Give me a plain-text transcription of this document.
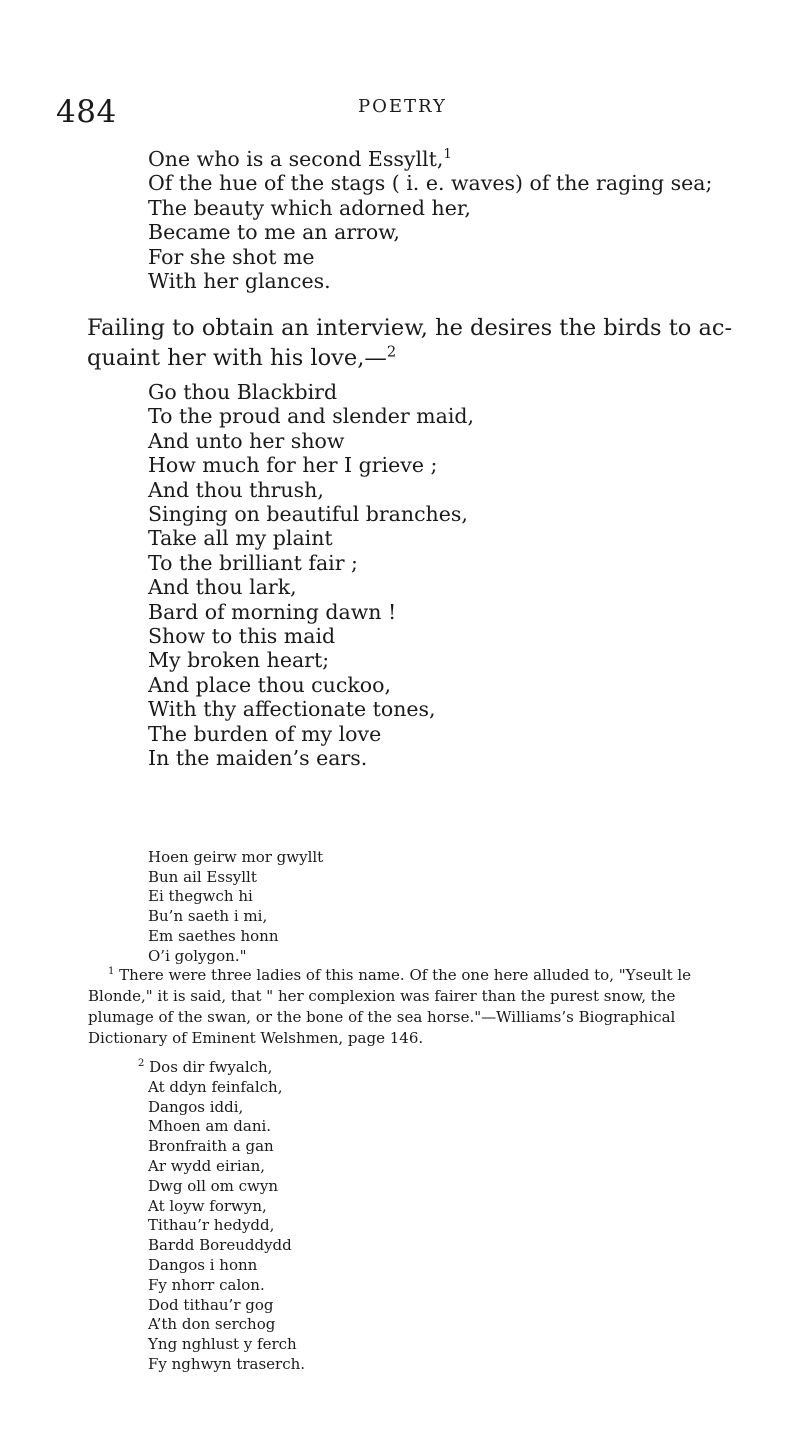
484	POETRY
One who is a second Essyllt,$^1$
Of the hue of the stags ( i. e. waves) of the raging sea;
The beauty which adorned her,
Became to me an arrow,
For she shot me
With her glances.
Failing to obtain an interview, he desires the birds to ac-
quaint her with his love,—$^2$
Go thou Blackbird
To the proud and slender maid,
And unto her show
How much for her I grieve ;
And thou thrush,
Singing on beautiful branches,
Take all my plaint
To the brilliant fair ;
And thou lark,
Bard of morning dawn !
Show to this maid
My broken heart;
And place thou cuckoo,
With thy affectionate tones,
The burden of my love
In the maiden’s ears.
Hoen geirw mor gwyllt
Bun ail Essyllt
Ei thegwch hi
Bu’n saeth i mi,
Em saethes honn
O’i golygon."
$^1$ There were three ladies of this name. Of the one here alluded to, "Yseult le
Blonde," it is said, that " her complexion was fairer than the purest snow, the
plumage of the swan, or the bone of the sea horse."—Williams’s Biographical
Dictionary of Eminent Welshmen, page 146.
$^2$ Dos dir fwyalch,
At ddyn feinfalch,
Dangos iddi,
Mhoen am dani.
Bronfraith a gan
Ar wydd eirian,
Dwg oll om cwyn
At loyw forwyn,
Tithau’r hedydd,
Bardd Boreuddydd
Dangos i honn
Fy nhorr calon.
Dod tithau’r gog
A’th don serchog
Yng nghlust y ferch
Fy nghwyn traserch.
